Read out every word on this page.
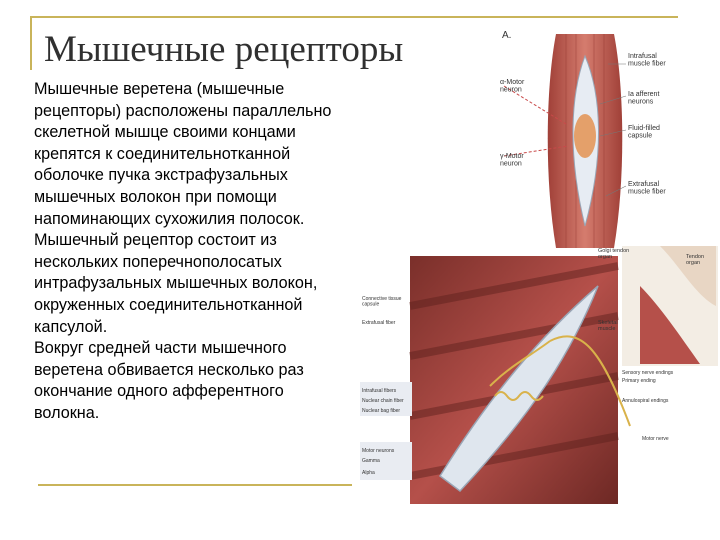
Мышечные рецепторы

Мышечные веретена (мышечные
рецепторы) расположены параллельно
скелетной мышце своими концами
крепятся к соединительнотканной
оболочке пучка экстрафузальных
мышечных волокон при помощи
напоминающих сухожилия полосок.

Мышечный рецептор состоит из
нескольких поперечнополосатых
интрафузальных мышечных волокон,
окруженных соединительнотканной
капсулой.

Вокруг средней части мышечного
веретена обвивается несколько раз
окончание одного афферентного
волокна.

A.
Intrafusal muscle fiber
α-Motor neuron
Ia afferent neurons
Fluid-filled capsule
γ-Motor neuron
Extrafusal muscle fiber
Golgi tendon organ	Tendon organ
Skeletal muscle
Connective tissue capsule
Extrafusal fiber
Sensory nerve endings
Primary ending
Annulospiral endings
Motor nerve
Intrafusal fibers
Nuclear chain fiber
Nuclear bag fiber
Motor neurons
Gamma
Alpha
